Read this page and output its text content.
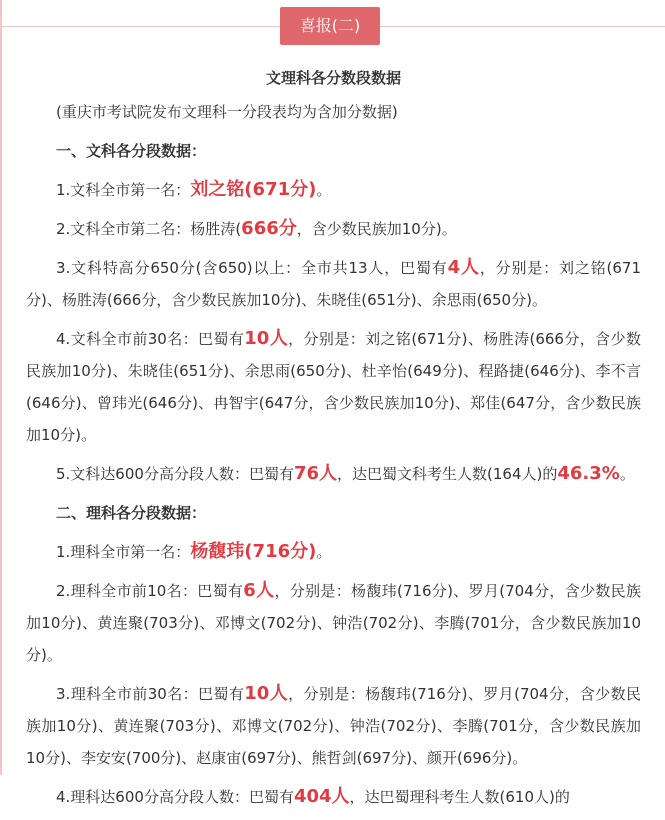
喜报(二)
文理科各分数段数据

(重庆市考试院发布文理科一分段表均为含加分数据)

一、文科各分段数据：

1.文科全市第一名：刘之铭(671分)。

2.文科全市第二名：杨胜涛(666分，含少数民族加10分)。

3.文科特高分650分(含650)以上：全市共13人，巴蜀有4人，分别是：刘之铭(671分)、杨胜涛(666分，含少数民族加10分)、朱晓佳(651分)、余思雨(650分)。

4.文科全市前30名：巴蜀有10人，分别是：刘之铭(671分)、杨胜涛(666分，含少数民族加10分)、朱晓佳(651分)、余思雨(650分)、杜辛怡(649分)、程路捷(646分)、李不言(646分)、曾玮光(646分)、冉智宇(647分，含少数民族加10分)、郑佳(647分，含少数民族加10分)。

5.文科达600分高分段人数：巴蜀有76人，达巴蜀文科考生人数(164人)的46.3%。

二、理科各分段数据：

1.理科全市第一名：杨馥玮(716分)。

2.理科全市前10名：巴蜀有6人，分别是：杨馥玮(716分)、罗月(704分，含少数民族加10分)、黄连聚(703分)、邓博文(702分)、钟浩(702分)、李腾(701分，含少数民族加10分)。

3.理科全市前30名：巴蜀有10人，分别是：杨馥玮(716分)、罗月(704分，含少数民族加10分)、黄连聚(703分)、邓博文(702分)、钟浩(702分)、李腾(701分，含少数民族加10分)、李安安(700分)、赵康宙(697分)、熊哲剑(697分)、颜开(696分)。

4.理科达600分高分段人数：巴蜀有404人，达巴蜀理科考生人数(610人)的
